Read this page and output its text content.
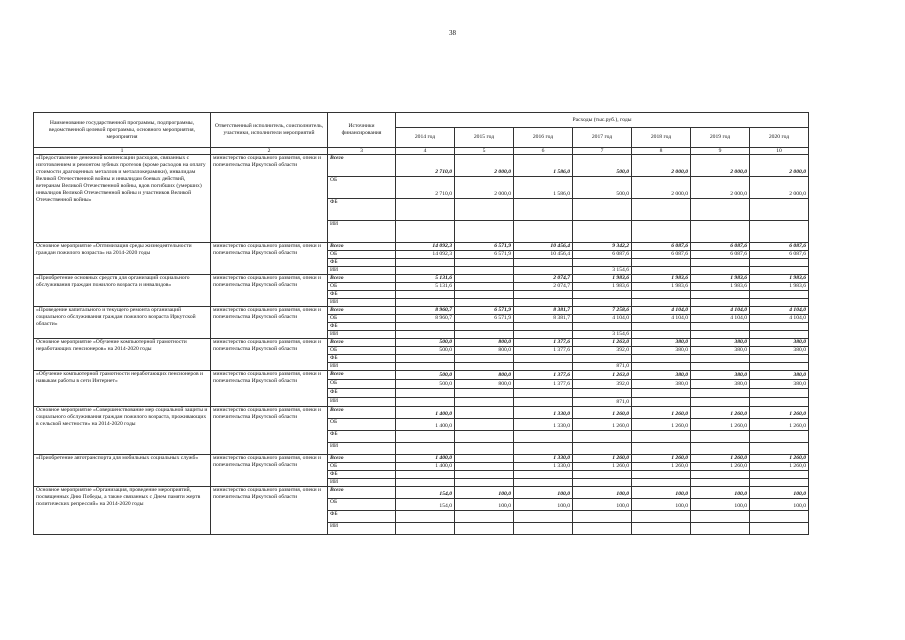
38
Наименование государственной программы, подпрограммы, ведомственной целевой программы, основного мероприятия, мероприятия	Ответственный исполнитель, соисполнитель, участники, исполнители мероприятий	Источники финансирования	Расходы (тыс.руб.), годы						
			2014 год	2015 год	2016 год	2017 год	2018 год	2019 год	2020 год
1	2	3	4	5	6	7	8	9	10
«Предоставление денежной компенсации расходов, связанных с изготовлением и ремонтом зубных протезов (кроме расходов на оплату стоимости драгоценных металлов и металлокерамики), инвалидам Великой Отечественной войны и инвалидам боевых действий, ветеранам Великой Отечественной войны, вдов погибших (умерших) инвалидов Великой Отечественной войны и участников Великой Отечественной войны»	министерство социального развития, опеки и попечительства Иркутской области	Всего	2 710,0	2 000,0	1 586,0	500,0	2 000,0	2 000,0	2 000,0
		ОБ	2 710,0	2 000,0	1 586,0	500,0	2 000,0	2 000,0	2 000,0
		ФБ							
		ИИ							
Основное мероприятие «Оптимизация среды жизнедеятельности граждан пожилого возраста» на 2014-2020 годы	министерство социального развития, опеки и попечительства Иркутской области	Всего	14 092,3	6 571,9	10 456,4	9 342,2	6 087,6	6 087,6	6 087,6
		ОБ	14 092,3	6 571,9	10 456,4	6 087,6	6 087,6	6 087,6	6 087,6
		ФБ							
		ИИ				3 154,6			
«Приобретение основных средств для организаций социального обслуживания граждан пожилого возраста и инвалидов»	министерство социального развития, опеки и попечительства Иркутской области	Всего	5 131,6		2 074,7	1 983,6	1 983,6	1 983,6	1 983,6
		ОБ	5 131,6		2 074,7	1 983,6	1 983,6	1 983,6	1 983,6
		ФБ							
		ИИ							
«Проведение капитального и текущего ремонта организаций социального обслуживания граждан пожилого возраста Иркутской области»	министерство социального развития, опеки и попечительства Иркутской области	Всего	8 960,7	6 571,9	8 381,7	7 258,6	4 104,0	4 104,0	4 104,0
		ОБ	8 960,7	6 571,9	8 381,7	4 104,0	4 104,0	4 104,0	4 104,0
		ФБ							
		ИИ				3 154,6			
Основное мероприятие «Обучение компьютерной грамотности неработающих пенсионеров» на 2014-2020 годы	министерство социального развития, опеки и попечительства Иркутской области	Всего	500,0	800,0	1 377,6	1 263,0	380,0	380,0	380,0
		ОБ	500,0	800,0	1 377,6	392,0	380,0	380,0	380,0
		ФБ							
		ИИ				871,0			
«Обучение компьютерной грамотности неработающих пенсионеров и навыкам работы в сети Интернет»	министерство социального развития, опеки и попечительства Иркутской области	Всего	500,0	800,0	1 377,6	1 263,0	380,0	380,0	380,0
		ОБ	500,0	800,0	1 377,6	392,0	380,0	380,0	380,0
		ФБ							
		ИИ				871,0			
Основное мероприятие «Совершенствование мер социальной защиты и социального обслуживания граждан пожилого возраста, проживающих в сельской местности» на 2014-2020 годы	министерство социального развития, опеки и попечительства Иркутской области	Всего	1 400,0		1 330,0	1 260,0	1 260,0	1 260,0	1 260,0
		ОБ	1 400,0		1 330,0	1 260,0	1 260,0	1 260,0	1 260,0
		ФБ							
		ИИ							
«Приобретение автотранспорта для мобильных социальных служб»	министерство социального развития, опеки и попечительства Иркутской области	Всего	1 400,0		1 330,0	1 260,0	1 260,0	1 260,0	1 260,0
		ОБ	1 400,0		1 330,0	1 260,0	1 260,0	1 260,0	1 260,0
		ФБ							
		ИИ							
Основное мероприятие «Организация, проведение мероприятий, посвященных Дню Победы, а также связанных с Днем памяти жертв политических репрессий» на 2014-2020 годы	министерство социального развития, опеки и попечительства Иркутской области	Всего	154,0	100,0	100,0	100,0	100,0	100,0	100,0
		ОБ	154,0	100,0	100,0	100,0	100,0	100,0	100,0
		ФБ							
		ИИ							
